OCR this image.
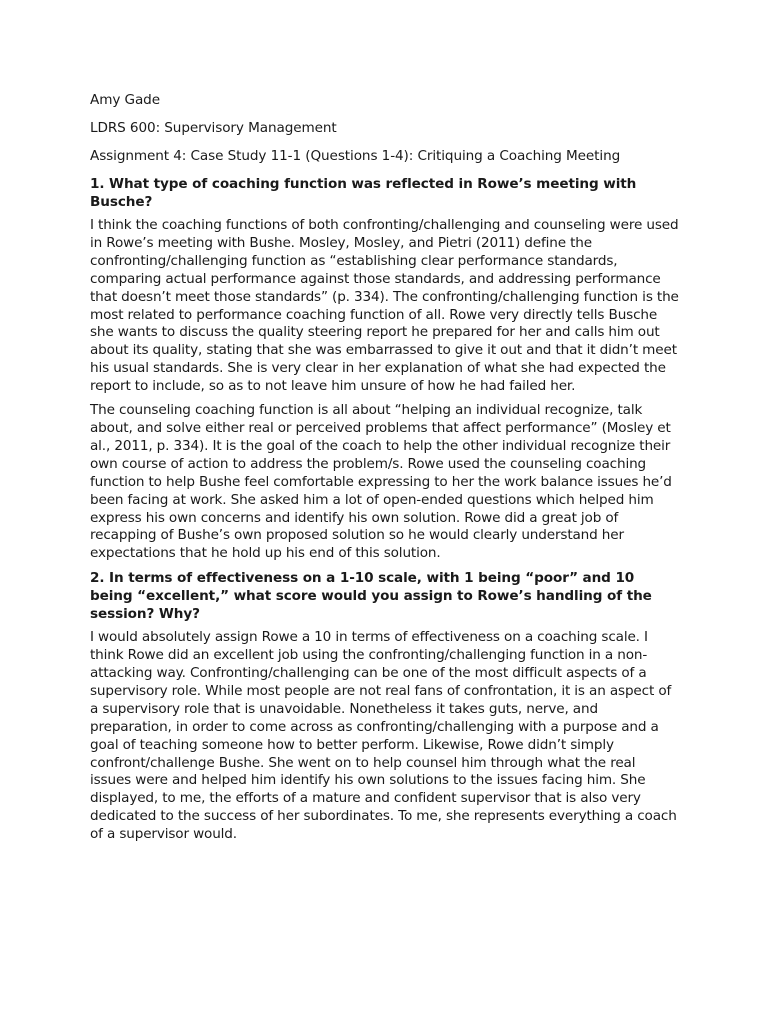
Amy Gade
LDRS 600: Supervisory Management
Assignment 4: Case Study 11-1 (Questions 1-4): Critiquing a Coaching Meeting
1. What type of coaching function was reflected in Rowe’s meeting with Busche?
I think the coaching functions of both confronting/challenging and counseling were used in Rowe’s meeting with Bushe. Mosley, Mosley, and Pietri (2011) define the confronting/challenging function as “establishing clear performance standards, comparing actual performance against those standards, and addressing performance that doesn’t meet those standards” (p. 334). The confronting/challenging function is the most related to performance coaching function of all. Rowe very directly tells Busche she wants to discuss the quality steering report he prepared for her and calls him out about its quality, stating that she was embarrassed to give it out and that it didn’t meet his usual standards. She is very clear in her explanation of what she had expected the report to include, so as to not leave him unsure of how he had failed her.
The counseling coaching function is all about “helping an individual recognize, talk about, and solve either real or perceived problems that affect performance” (Mosley et al., 2011, p. 334). It is the goal of the coach to help the other individual recognize their own course of action to address the problem/s. Rowe used the counseling coaching function to help Bushe feel comfortable expressing to her the work balance issues he’d been facing at work. She asked him a lot of open-ended questions which helped him express his own concerns and identify his own solution. Rowe did a great job of recapping of Bushe’s own proposed solution so he would clearly understand her expectations that he hold up his end of this solution.
2. In terms of effectiveness on a 1-10 scale, with 1 being “poor” and 10 being “excellent,” what score would you assign to Rowe’s handling of the session? Why?
I would absolutely assign Rowe a 10 in terms of effectiveness on a coaching scale. I think Rowe did an excellent job using the confronting/challenging function in a non-attacking way. Confronting/challenging can be one of the most difficult aspects of a supervisory role. While most people are not real fans of confrontation, it is an aspect of a supervisory role that is unavoidable. Nonetheless it takes guts, nerve, and preparation, in order to come across as confronting/challenging with a purpose and a goal of teaching someone how to better perform. Likewise, Rowe didn’t simply confront/challenge Bushe. She went on to help counsel him through what the real issues were and helped him identify his own solutions to the issues facing him. She displayed, to me, the efforts of a mature and confident supervisor that is also very dedicated to the success of her subordinates. To me, she represents everything a coach of a supervisor would.
